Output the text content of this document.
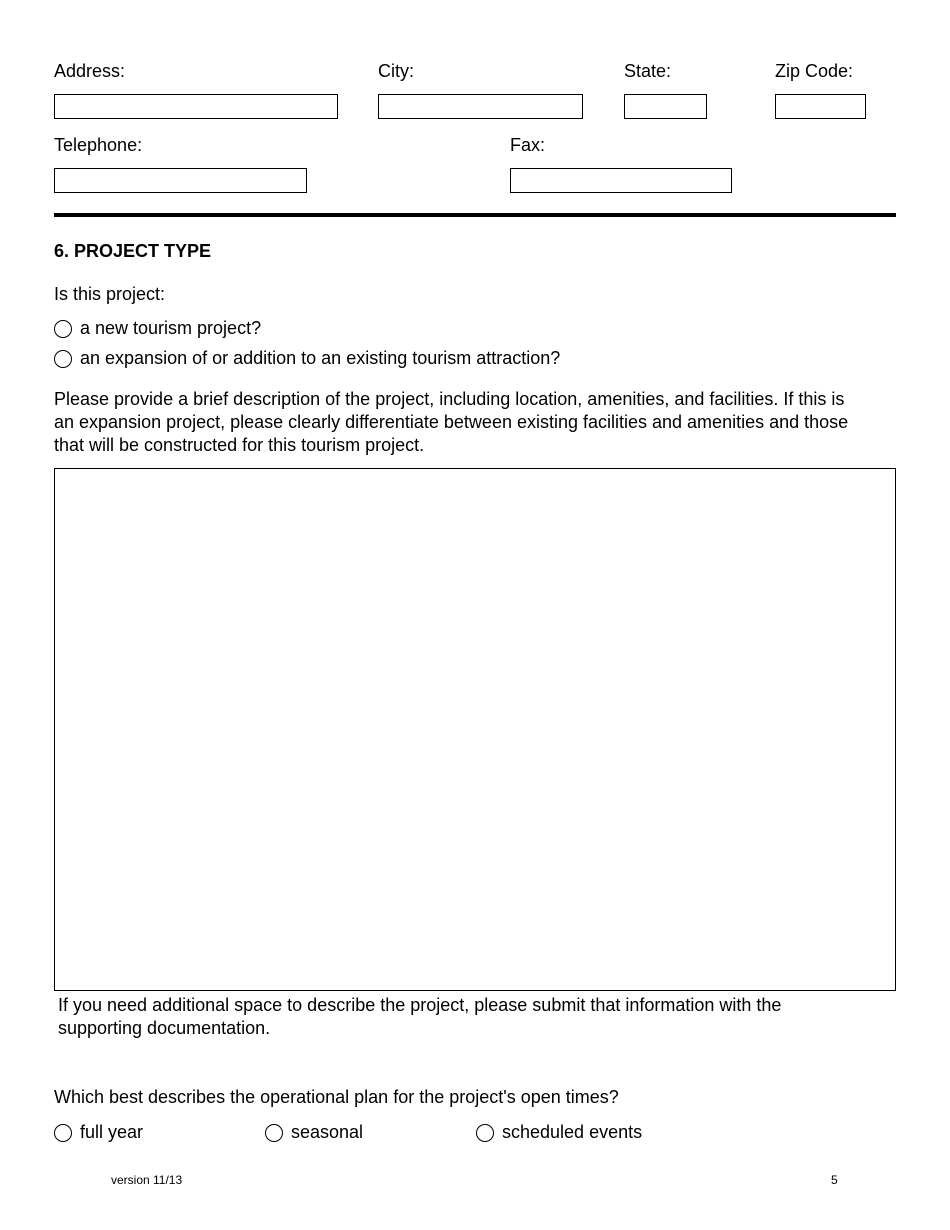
Address:	City:	State:	Zip Code:
Telephone:	Fax:
6. PROJECT TYPE
Is this project:
a new tourism project?
an expansion of or addition to an existing tourism attraction?
Please provide a brief description of the project, including location, amenities, and facilities. If this is an expansion project, please clearly differentiate between existing facilities and amenities and those that will be constructed for this tourism project.
If you need additional space to describe the project, please submit that information with the supporting documentation.
Which best describes the operational plan for the project's open times?
full year	seasonal	scheduled events
version 11/13	5
